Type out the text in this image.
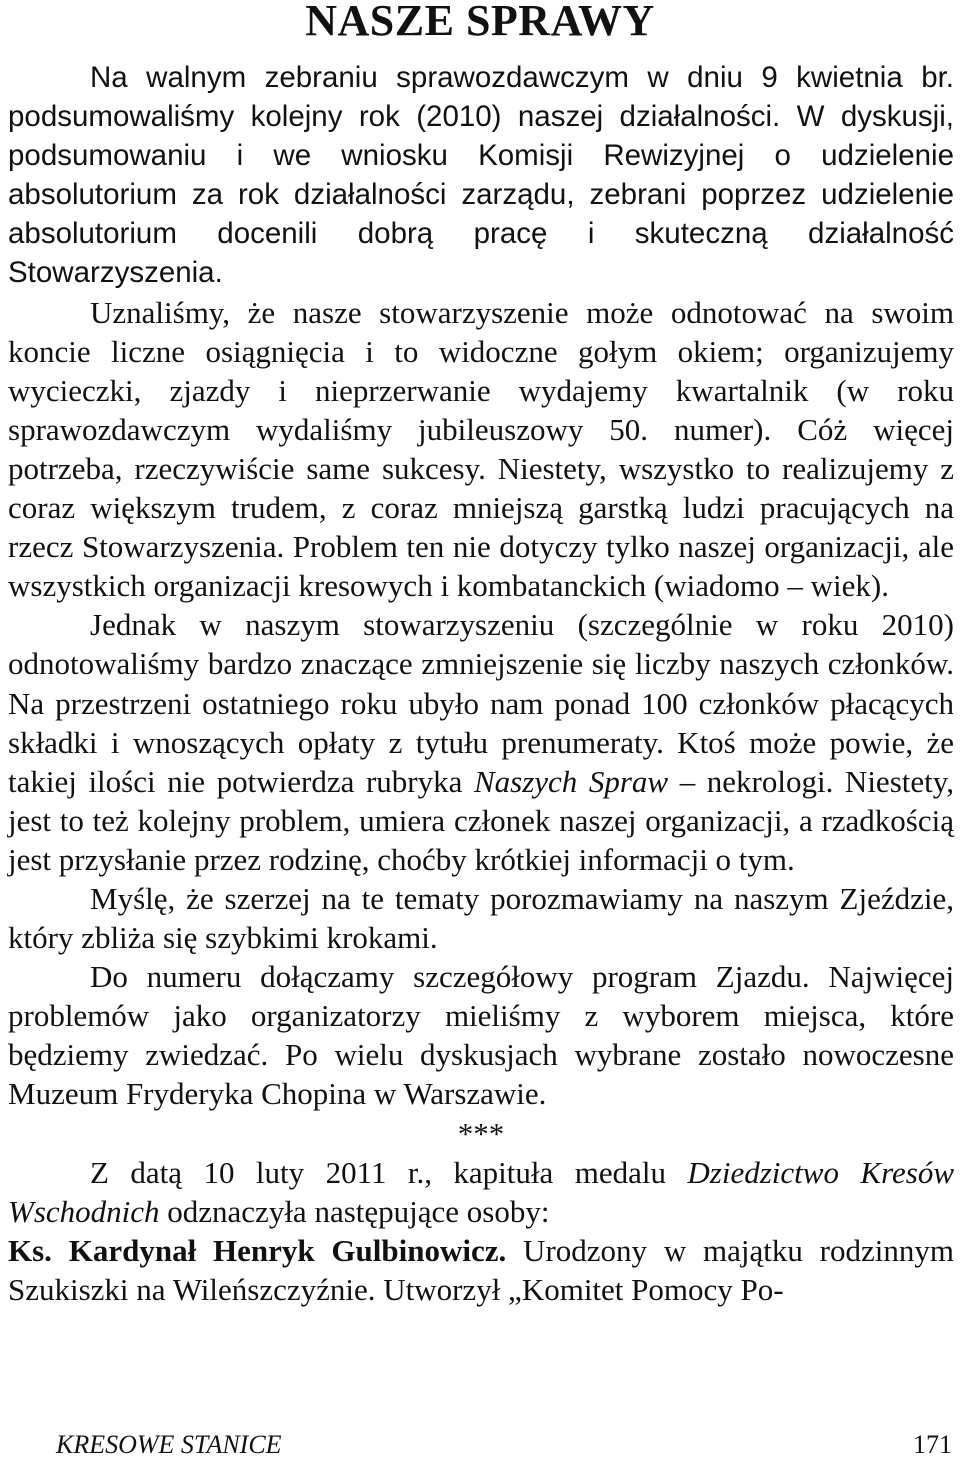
NASZE SPRAWY

Na walnym zebraniu sprawozdawczym w dniu 9 kwietnia br. podsumowaliśmy kolejny rok (2010) naszej działalności. W dyskusji, podsumowaniu i we wniosku Komisji Rewizyjnej o udzielenie absolutorium za rok działalności zarządu, zebrani poprzez udzielenie absolutorium docenili dobrą pracę i skuteczną działalność Stowarzyszenia.

Uznaliśmy, że nasze stowarzyszenie może odnotować na swoim koncie liczne osiągnięcia i to widoczne gołym okiem; organizujemy wycieczki, zjazdy i nieprzerwanie wydajemy kwartalnik (w roku sprawozdawczym wydaliśmy jubileuszowy 50. numer). Cóż więcej potrzeba, rzeczywiście same sukcesy. Niestety, wszystko to realizujemy z coraz większym trudem, z coraz mniejszą garstką ludzi pracujących na rzecz Stowarzyszenia. Problem ten nie dotyczy tylko naszej organizacji, ale wszystkich organizacji kresowych i kombatanckich (wiadomo – wiek).

Jednak w naszym stowarzyszeniu (szczególnie w roku 2010) odnotowaliśmy bardzo znaczące zmniejszenie się liczby naszych członków. Na przestrzeni ostatniego roku ubyło nam ponad 100 członków płacących składki i wnoszących opłaty z tytułu prenumeraty. Ktoś może powie, że takiej ilości nie potwierdza rubryka Naszych Spraw – nekrologi. Niestety, jest to też kolejny problem, umiera członek naszej organizacji, a rzadkością jest przysłanie przez rodzinę, choćby krótkiej informacji o tym.

Myślę, że szerzej na te tematy porozmawiamy na naszym Zjeździe, który zbliża się szybkimi krokami.

Do numeru dołączamy szczegółowy program Zjazdu. Najwięcej problemów jako organizatorzy mieliśmy z wyborem miejsca, które będziemy zwiedzać. Po wielu dyskusjach wybrane zostało nowoczesne Muzeum Fryderyka Chopina w Warszawie.

***

Z datą 10 luty 2011 r., kapituła medalu Dziedzictwo Kresów Wschodnich odznaczyła następujące osoby:

Ks. Kardynał Henryk Gulbinowicz. Urodzony w majątku rodzinnym Szukiszki na Wileńszczyźnie. Utworzył „Komitet Pomocy Po-

KRESOWE STANICE	171
